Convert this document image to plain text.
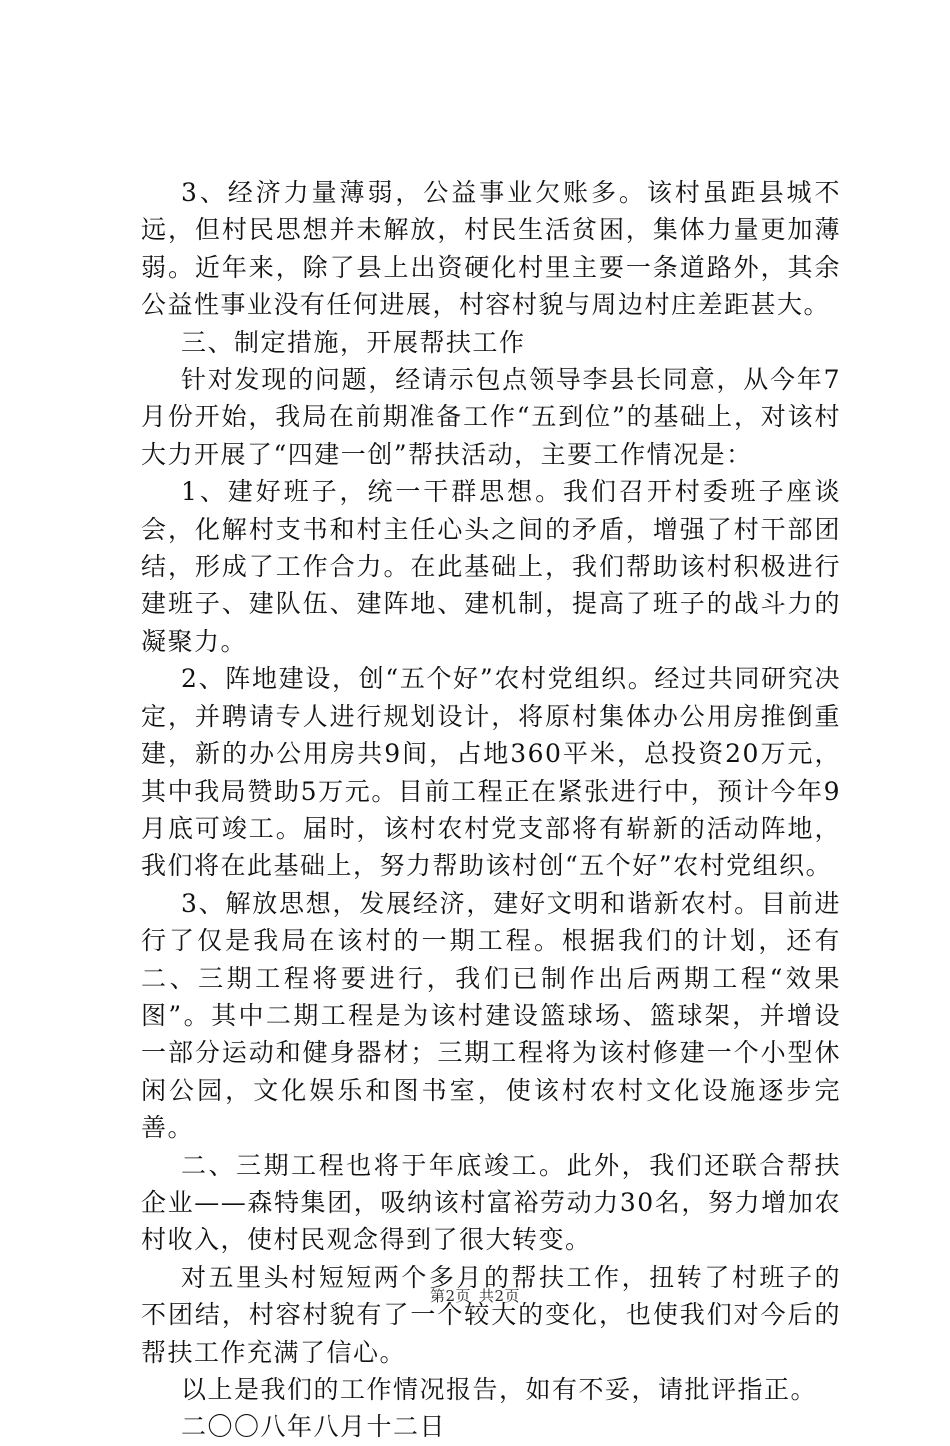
3、经济力量薄弱，公益事业欠账多。该村虽距县城不远，但村民思想并未解放，村民生活贫困，集体力量更加薄弱。近年来，除了县上出资硬化村里主要一条道路外，其余公益性事业没有任何进展，村容村貌与周边村庄差距甚大。

三、制定措施，开展帮扶工作

针对发现的问题，经请示包点领导李县长同意，从今年7月份开始，我局在前期准备工作“五到位”的基础上，对该村大力开展了“四建一创”帮扶活动，主要工作情况是：

1、建好班子，统一干群思想。我们召开村委班子座谈会，化解村支书和村主任心头之间的矛盾，增强了村干部团结，形成了工作合力。在此基础上，我们帮助该村积极进行建班子、建队伍、建阵地、建机制，提高了班子的战斗力的凝聚力。

2、阵地建设，创“五个好”农村党组织。经过共同研究决定，并聘请专人进行规划设计，将原村集体办公用房推倒重建，新的办公用房共9间，占地360平米，总投资20万元，其中我局赞助5万元。目前工程正在紧张进行中，预计今年9月底可竣工。届时，该村农村党支部将有崭新的活动阵地，我们将在此基础上，努力帮助该村创“五个好”农村党组织。

3、解放思想，发展经济，建好文明和谐新农村。目前进行了仅是我局在该村的一期工程。根据我们的计划，还有二、三期工程将要进行，我们已制作出后两期工程“效果图”。其中二期工程是为该村建设篮球场、篮球架，并增设一部分运动和健身器材；三期工程将为该村修建一个小型休闲公园，文化娱乐和图书室，使该村农村文化设施逐步完善。

二、三期工程也将于年底竣工。此外，我们还联合帮扶企业——森特集团，吸纳该村富裕劳动力30名，努力增加农村收入，使村民观念得到了很大转变。

对五里头村短短两个多月的帮扶工作，扭转了村班子的不团结，村容村貌有了一个较大的变化，也使我们对今后的帮扶工作充满了信心。

以上是我们的工作情况报告，如有不妥，请批评指正。

二〇〇八年八月十二日

第2页 共2页
